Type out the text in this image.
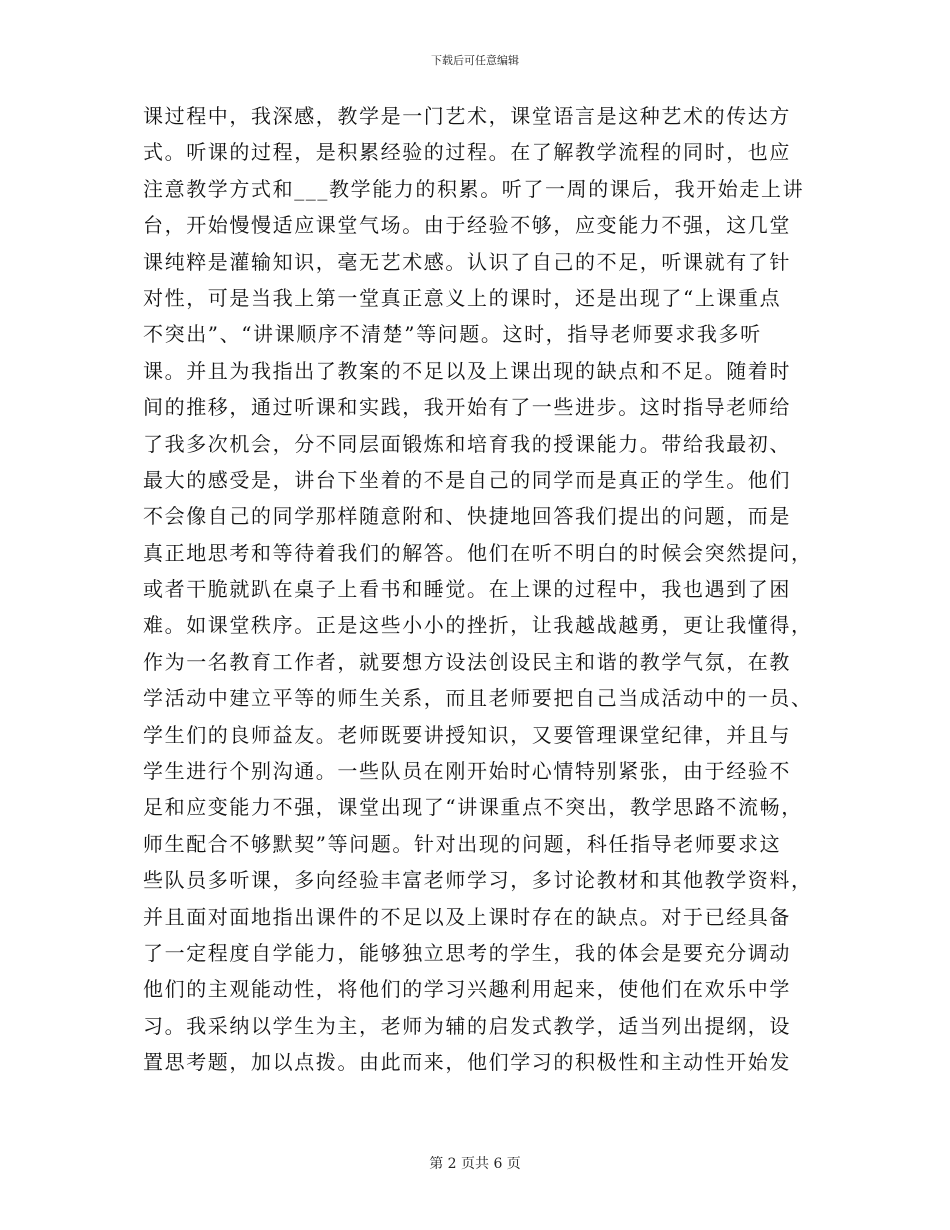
下载后可任意编辑
课过程中，我深感，教学是一门艺术，课堂语言是这种艺术的传达方
式。听课的过程，是积累经验的过程。在了解教学流程的同时，也应
注意教学方式和___教学能力的积累。听了一周的课后，我开始走上讲
台，开始慢慢适应课堂气场。由于经验不够，应变能力不强，这几堂
课纯粹是灌输知识，毫无艺术感。认识了自己的不足，听课就有了针
对性，可是当我上第一堂真正意义上的课时，还是出现了“上课重点
不突出”、“讲课顺序不清楚”等问题。这时，指导老师要求我多听
课。并且为我指出了教案的不足以及上课出现的缺点和不足。随着时
间的推移，通过听课和实践，我开始有了一些进步。这时指导老师给
了我多次机会，分不同层面锻炼和培育我的授课能力。带给我最初、
最大的感受是，讲台下坐着的不是自己的同学而是真正的学生。他们
不会像自己的同学那样随意附和、快捷地回答我们提出的问题，而是
真正地思考和等待着我们的解答。他们在听不明白的时候会突然提问，
或者干脆就趴在桌子上看书和睡觉。在上课的过程中，我也遇到了困
难。如课堂秩序。正是这些小小的挫折，让我越战越勇，更让我懂得，
作为一名教育工作者，就要想方设法创设民主和谐的教学气氛，在教
学活动中建立平等的师生关系，而且老师要把自己当成活动中的一员、
学生们的良师益友。老师既要讲授知识，又要管理课堂纪律，并且与
学生进行个别沟通。一些队员在刚开始时心情特别紧张，由于经验不
足和应变能力不强，课堂出现了“讲课重点不突出，教学思路不流畅，
师生配合不够默契”等问题。针对出现的问题，科任指导老师要求这
些队员多听课，多向经验丰富老师学习，多讨论教材和其他教学资料，
并且面对面地指出课件的不足以及上课时存在的缺点。对于已经具备
了一定程度自学能力，能够独立思考的学生，我的体会是要充分调动
他们的主观能动性，将他们的学习兴趣利用起来，使他们在欢乐中学
习。我采纳以学生为主，老师为辅的启发式教学，适当列出提纲，设
置思考题，加以点拨。由此而来，他们学习的积极性和主动性开始发
第 2 页共 6 页
